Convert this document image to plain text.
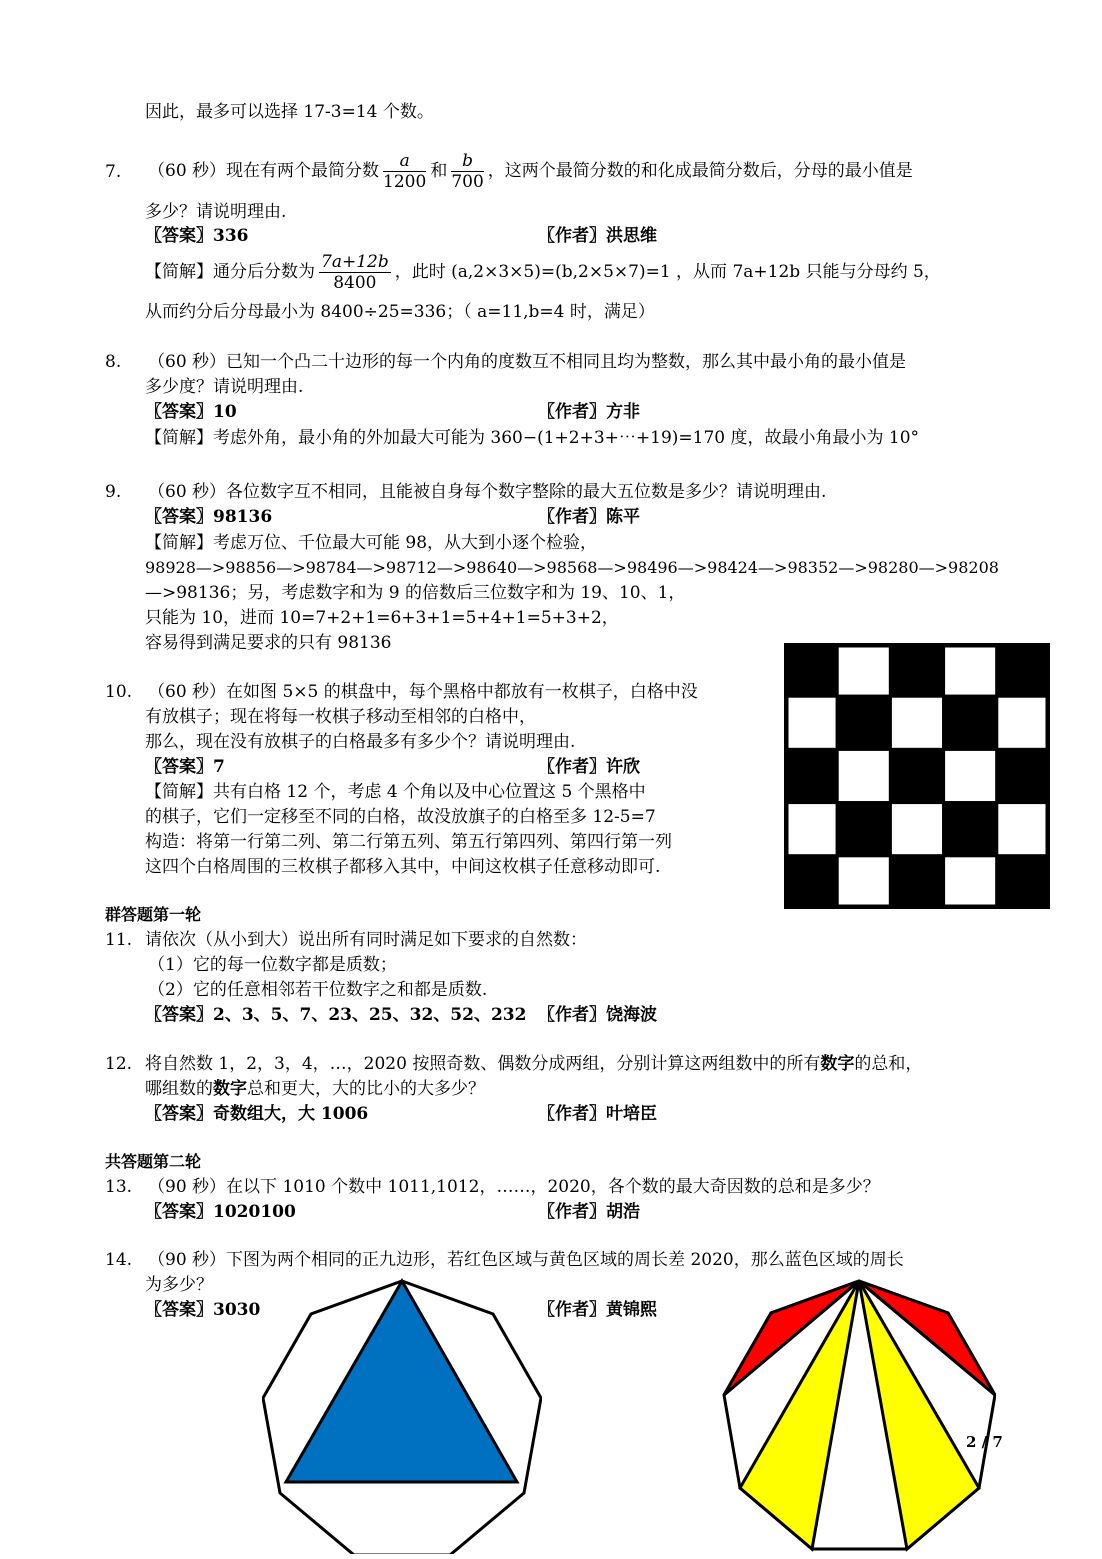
因此，最多可以选择 17-3=14 个数。
7.	（60 秒）现在有两个最简分数 $\frac{a}{1200}$ 和 $\frac{b}{700}$ ，这两个最简分数的和化成最简分数后，分母的最小值是
多少？请说明理由.
〖答案〗336	〖作者〗洪思维
【简解】通分后分数为 $\frac{7a+12b}{8400}$ ，此时 (a,2×3×5)=(b,2×5×7)=1 ，从而 7a+12b 只能与分母约 5，
从而约分后分母最小为 8400÷25=336；（ a=11,b=4 时，满足）
8.	（60 秒）已知一个凸二十边形的每一个内角的度数互不相同且均为整数，那么其中最小角的最小值是
多少度？请说明理由.
〖答案〗10	〖作者〗方非
【简解】考虑外角，最小角的外加最大可能为 360−(1+2+3+⋯+19)=170 度，故最小角最小为 10°
9.	（60 秒）各位数字互不相同，且能被自身每个数字整除的最大五位数是多少？请说明理由.
〖答案〗98136	〖作者〗陈平
【简解】考虑万位、千位最大可能 98，从大到小逐个检验，
98928—>98856—>98784—>98712—>98640—>98568—>98496—>98424—>98352—>98280—>98208
—>98136；另，考虑数字和为 9 的倍数后三位数字和为 19、10、1，
只能为 10，进而 10=7+2+1=6+3+1=5+4+1=5+3+2，
容易得到满足要求的只有 98136
10. （60 秒）在如图 5×5 的棋盘中，每个黑格中都放有一枚棋子，白格中没
有放棋子；现在将每一枚棋子移动至相邻的白格中，
那么，现在没有放棋子的白格最多有多少个？请说明理由.
〖答案〗7	〖作者〗许欣
【简解】共有白格 12 个，考虑 4 个角以及中心位置这 5 个黑格中
的棋子，它们一定移至不同的白格，故没放旗子的白格至多 12-5=7
构造：将第一行第二列、第二行第五列、第五行第四列、第四行第一列
这四个白格周围的三枚棋子都移入其中，中间这枚棋子任意移动即可.
群答题第一轮
11. 请依次（从小到大）说出所有同时满足如下要求的自然数：
（1）它的每一位数字都是质数；
（2）它的任意相邻若干位数字之和都是质数.
〖答案〗2、3、5、7、23、25、32、52、232 〖作者〗饶海波
12. 将自然数 1，2，3，4，…，2020 按照奇数、偶数分成两组，分别计算这两组数中的所有数字的总和，
哪组数的数字总和更大，大的比小的大多少？
〖答案〗奇数组大，大 1006	〖作者〗叶培臣
共答题第二轮
13. （90 秒）在以下 1010 个数中 1011,1012，……，2020，各个数的最大奇因数的总和是多少？
〖答案〗1020100	〖作者〗胡浩
14. （90 秒）下图为两个相同的正九边形，若红色区域与黄色区域的周长差 2020，那么蓝色区域的周长
为多少？
〖答案〗3030	〖作者〗黄锦熙
2 / 7
